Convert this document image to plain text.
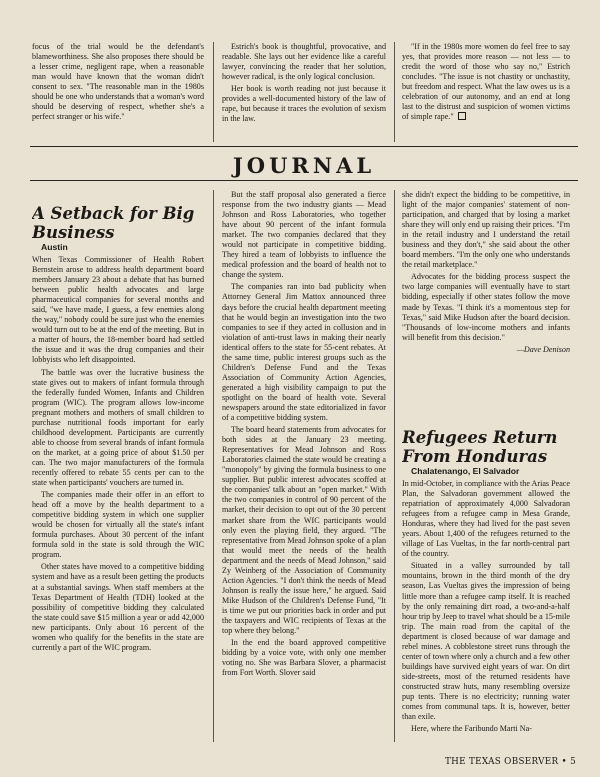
focus of the trial would be the defendant's blameworthiness. She also proposes there should be a lesser crime, negligent rape, when a reasonable man would have known that the woman didn't consent to sex. "The reasonable man in the 1980s should be one who understands that a woman's word should be deserving of respect, whether she's a perfect stranger or his wife."

Estrich's book is thoughtful, provocative, and readable. She lays out her evidence like a careful lawyer, convincing the reader that her solution, however radical, is the only logical conclusion.

Her book is worth reading not just because it provides a well-documented history of the law of rape, but because it traces the evolution of sexism in the law.

"If in the 1980s more women do feel free to say yes, that provides more reason — not less — to credit the word of those who say no," Estrich concludes. "The issue is not chastity or unchastity, but freedom and respect. What the law owes us is a celebration of our autonomy, and an end at long last to the distrust and suspicion of women victims of simple rape."

JOURNAL
A Setback for Big Business

Austin

When Texas Commissioner of Health Robert Bernstein arose to address health department board members January 23 about a debate that has burned between public health advocates and large pharmaceutical companies for several months and said, "we have made, I guess, a few enemies along the way," nobody could be sure just who the enemies would turn out to be at the end of the meeting. But in a matter of hours, the 18-member board had settled the issue and it was the drug companies and their lobbyists who left disappointed.

The battle was over the lucrative business the state gives out to makers of infant formula through the federally funded Women, Infants and Children program (WIC). The program allows low-income pregnant mothers and mothers of small children to purchase nutritional foods important for early childhood development. Participants are currently able to choose from several brands of infant formula on the market, at a going price of about $1.50 per can. The two major manufacturers of the formula recently offered to rebate 55 cents per can to the state when participants' vouchers are turned in.

The companies made their offer in an effort to head off a move by the health department to a competitive bidding system in which one supplier would be chosen for virtually all the state's infant formula purchases. About 30 percent of the infant formula sold in the state is sold through the WIC program.

Other states have moved to a competitive bidding system and have as a result been getting the products at a substantial savings. When staff members at the Texas Department of Health (TDH) looked at the possibility of competitive bidding they calculated the state could save $15 million a year or add 42,000 new participants. Only about 16 percent of the women who qualify for the benefits in the state are currently a part of the WIC program.

But the staff proposal also generated a fierce response from the two industry giants — Mead Johnson and Ross Laboratories, who together have about 90 percent of the infant formula market. The two companies declared that they would not participate in competitive bidding. They hired a team of lobbyists to influence the medical profession and the board of health not to change the system.

The companies ran into bad publicity when Attorney General Jim Mattox announced three days before the crucial health department meeting that he would begin an investigation into the two companies to see if they acted in collusion and in violation of anti-trust laws in making their nearly identical offers to the state for 55-cent rebates. At the same time, public interest groups such as the Children's Defense Fund and the Texas Association of Community Action Agencies, generated a high visibility campaign to put the spotlight on the board of health vote. Several newspapers around the state editorialized in favor of a competitive bidding system.

The board heard statements from advocates for both sides at the January 23 meeting. Representatives for Mead Johnson and Ross Laboratories claimed the state would be creating a "monopoly" by giving the formula business to one supplier. But public interest advocates scoffed at the companies' talk about an "open market." With the two companies in control of 90 percent of the market, their decision to opt out of the 30 percent market share from the WIC participants would only even the playing field, they argued. "The representative from Mead Johnson spoke of a plan that would meet the needs of the health department and the needs of Mead Johnson," said Zy Weinberg of the Association of Community Action Agencies. "I don't think the needs of Mead Johnson is really the issue here," he argued. Said Mike Hudson of the Children's Defense Fund, "It is time we put our priorities back in order and put the taxpayers and WIC recipients of Texas at the top where they belong."

In the end the board approved competitive bidding by a voice vote, with only one member voting no. She was Barbara Slover, a pharmacist from Fort Worth. Slover said

she didn't expect the bidding to be competitive, in light of the major companies' statement of non-participation, and charged that by losing a market share they will only end up raising their prices. "I'm in the retail industry and I understand the retail business and they don't," she said about the other board members. "I'm the only one who understands the retail marketplace."

Advocates for the bidding process suspect the two large companies will eventually have to start bidding, especially if other states follow the move made by Texas. "I think it's a momentous step for Texas," said Mike Hudson after the board decision. "Thousands of low-income mothers and infants will benefit from this decision."

—Dave Denison

Refugees Return From Honduras

Chalatenango, El Salvador

In mid-October, in compliance with the Arias Peace Plan, the Salvadoran government allowed the repatriation of approximately 4,000 Salvadoran refugees from a refugee camp in Mesa Grande, Honduras, where they had lived for the past seven years. About 1,400 of the refugees returned to the village of Las Vueltas, in the far north-central part of the country.

Situated in a valley surrounded by tall mountains, brown in the third month of the dry season, Las Vueltas gives the impression of being little more than a refugee camp itself. It is reached by the only remaining dirt road, a two-and-a-half hour trip by Jeep to travel what should be a 15-mile trip. The main road from the capital of the department is closed because of war damage and rebel mines. A cobblestone street runs through the center of town where only a church and a few other buildings have survived eight years of war. On dirt side-streets, most of the returned residents have constructed straw huts, many resembling oversize pup tents. There is no electricity; running water comes from communal taps. It is, however, better than exile.

Here, where the Faribundo Marti Na-

THE TEXAS OBSERVER • 5
